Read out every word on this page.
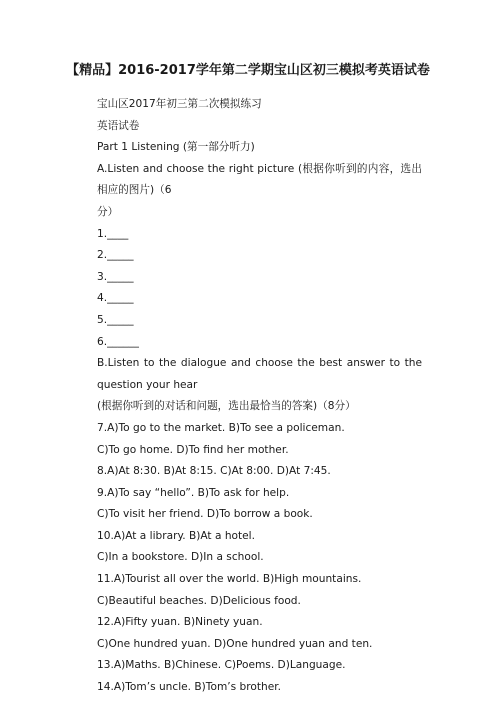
【精品】2016-2017学年第二学期宝山区初三模拟考英语试卷
宝山区2017年初三第二次模拟练习
英语试卷
Part 1 Listening (第一部分听力)
A.Listen and choose the right picture (根据你听到的内容，选出相应的图片)（6
分）
1.____
2._____
3._____
4._____
5._____
6.______
B.Listen to the dialogue and choose the best answer to the question your hear
(根据你听到的对话和问题，选出最恰当的答案)（8分）
7.A)To go to the market. B)To see a policeman.
C)To go home. D)To find her mother.
8.A)At 8:30. B)At 8:15. C)At 8:00. D)At 7:45.
9.A)To say “hello”. B)To ask for help.
C)To visit her friend. D)To borrow a book.
10.A)At a library. B)At a hotel.
C)In a bookstore. D)In a school.
11.A)Tourist all over the world. B)High mountains.
C)Beautiful beaches. D)Delicious food.
12.A)Fifty yuan. B)Ninety yuan.
C)One hundred yuan. D)One hundred yuan and ten.
13.A)Maths. B)Chinese. C)Poems. D)Language.
14.A)Tom’s uncle. B)Tom’s brother.
